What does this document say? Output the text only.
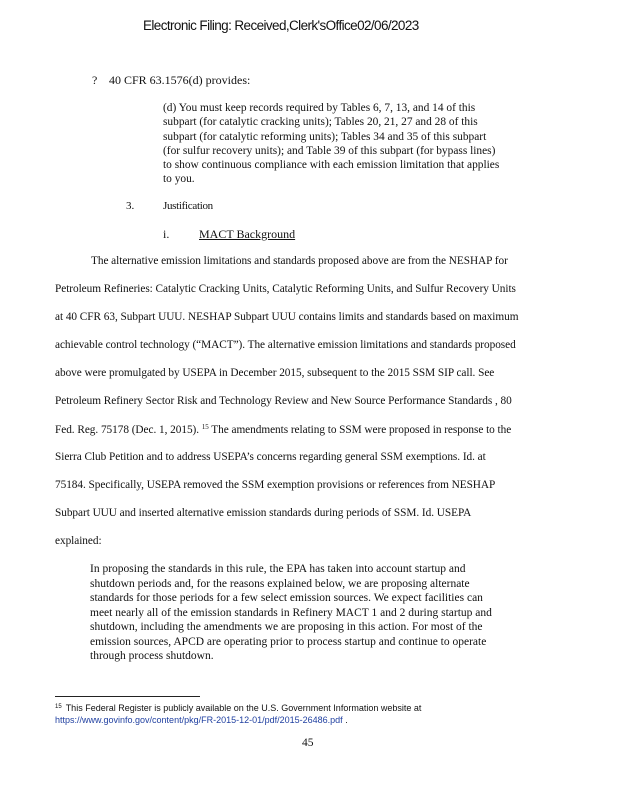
Electronic Filing: Received,Clerk'sOffice02/06/2023
? 40 CFR 63.1576(d) provides:
(d) You must keep records required by Tables 6, 7, 13, and 14 of this
subpart (for catalytic cracking units); Tables 20, 21, 27 and 28 of this
subpart (for catalytic reforming units); Tables 34 and 35 of this subpart
(for sulfur recovery units); and Table 39 of this subpart (for bypass lines)
to show continuous compliance with each emission limitation that applies
to you.
3.	Justification
i. MACT Background
The alternative emission limitations and standards proposed above are from the NESHAP for
Petroleum Refineries: Catalytic Cracking Units, Catalytic Reforming Units, and Sulfur Recovery Units
at 40 CFR 63, Subpart UUU. NESHAP Subpart UUU contains limits and standards based on maximum
achievable control technology (“MACT”). The alternative emission limitations and standards proposed
above were promulgated by USEPA in December 2015, subsequent to the 2015 SSM SIP call. See
Petroleum Refinery Sector Risk and Technology Review and New Source Performance Standards , 80
Fed. Reg. 75178 (Dec. 1, 2015). $^{15}$ The amendments relating to SSM were proposed in response to the
Sierra Club Petition and to address USEPA’s concerns regarding general SSM exemptions. Id. at
75184. Specifically, USEPA removed the SSM exemption provisions or references from NESHAP
Subpart UUU and inserted alternative emission standards during periods of SSM. Id. USEPA
explained:
In proposing the standards in this rule, the EPA has taken into account startup and
shutdown periods and, for the reasons explained below, we are proposing alternate
standards for those periods for a few select emission sources. We expect facilities can
meet nearly all of the emission standards in Refinery MACT 1 and 2 during startup and
shutdown, including the amendments we are proposing in this action. For most of the
emission sources, APCD are operating prior to process startup and continue to operate
through process shutdown.
$^{15}$ This Federal Register is publicly available on the U.S. Government Information website at
https://www.govinfo.gov/content/pkg/FR-2015-12-01/pdf/2015-26486.pdf .
45
